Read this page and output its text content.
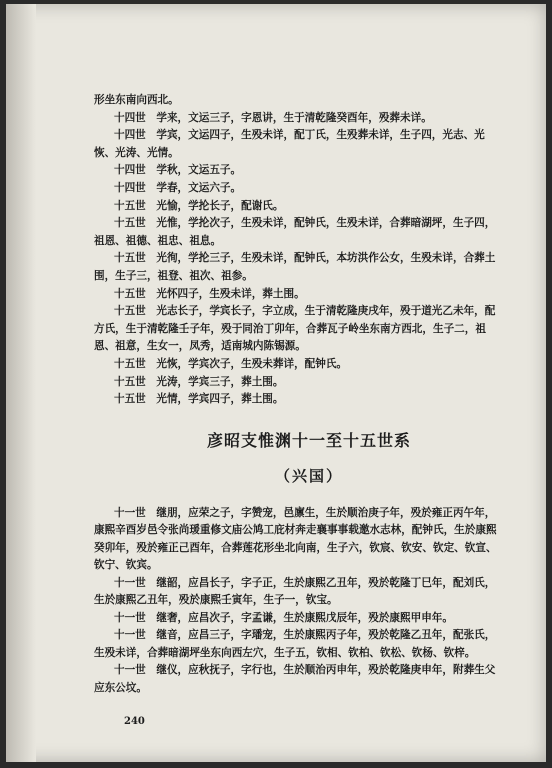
形坐东南向西北。
十四世　学来，文运三子，字恩讲，生于清乾隆癸酉年，殁葬未详。
十四世　学宾，文运四子，生殁未详，配丁氏，生殁葬未详，生子四，光志、光
恢、光涛、光情。
十四世　学秋，文运五子。
十四世　学春，文运六子。
十五世　光愉，学抡长子，配谢氏。
十五世　光惟，学抡次子，生殁未详，配钟氏，生殁未详，合葬暗湖坪，生子四，
祖恩、祖德、祖忠、祖息。
十五世　光徇，学抡三子，生殁未详，配钟氏，本坊洪作公女，生殁未详，合葬土
围，生子三，祖登、祖次、祖参。
十五世　光怀四子，生殁未详，葬土围。
十五世　光志长子，学宾长子，字立成，生于清乾隆庚戌年，殁于道光乙未年，配
方氏，生于清乾隆壬子年，殁于同治丁卯年，合葬瓦子岭坐东南方西北，生子二，祖
恩、祖意，生女一，凤秀，适南城内陈锡源。
十五世　光恢，学宾次子，生殁未葬详，配钟氏。
十五世　光涛，学宾三子，葬土围。
十五世　光情，学宾四子，葬土围。
彦昭支惟渊十一至十五世系
（兴国）
十一世　继朋，应荣之子，字赞宠，邑廪生，生於顺治庚子年，殁於雍正丙午年，
康熙辛酉岁邑令张尚瑗重修文庙公鸠工庇材奔走襄事事载邀水志林，配钟氏，生於康熙
癸卯年，殁於雍正己酉年，合葬莲花形坐北向南，生子六，钦宸、钦安、钦定、钦宣、
钦宁、钦宾。
十一世　继韶，应昌长子，字子正，生於康熙乙丑年，殁於乾隆丁巳年，配刘氏，
生於康熙乙丑年，殁於康熙壬寅年，生子一，钦宝。
十一世　继奢，应昌次子，字孟谦，生於康熙戊辰年，殁於康熙甲申年。
十一世　继音，应昌三子，字璠宠，生於康熙丙子年，殁於乾隆乙丑年，配张氏，
生殁未详，合葬暗湖坪坐东向西左穴，生子五，钦相、钦柏、钦松、钦杨、钦梓。
十一世　继仪，应秋抚子，字行也，生於顺治丙申年，殁於乾隆庚申年，附葬生父
应东公坟。
240
